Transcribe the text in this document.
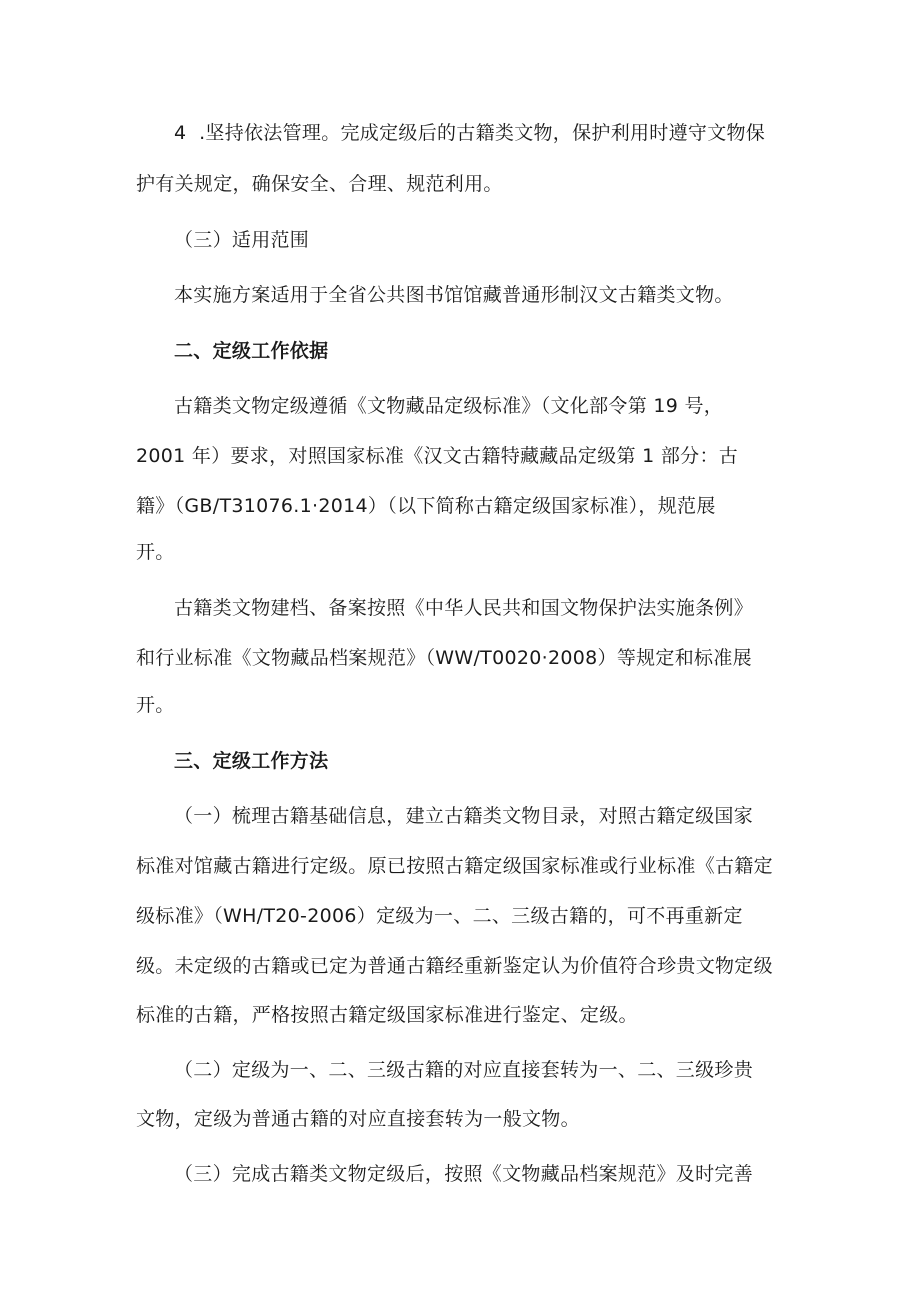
4  .坚持依法管理。完成定级后的古籍类文物，保护利用时遵守文物保
护有关规定，确保安全、合理、规范利用。
（三）适用范围
本实施方案适用于全省公共图书馆馆藏普通形制汉文古籍类文物。
二、定级工作依据
古籍类文物定级遵循《文物藏品定级标准》（文化部令第 19 号，
2001 年）要求，对照国家标准《汉文古籍特藏藏品定级第 1 部分：古
籍》（GB/T31076.1·2014）（以下简称古籍定级国家标准），规范展
开。
古籍类文物建档、备案按照《中华人民共和国文物保护法实施条例》
和行业标准《文物藏品档案规范》（WW/T0020·2008）等规定和标准展
开。
三、定级工作方法
（一）梳理古籍基础信息，建立古籍类文物目录，对照古籍定级国家
标准对馆藏古籍进行定级。原已按照古籍定级国家标准或行业标准《古籍定
级标准》（WH/T20-2006）定级为一、二、三级古籍的，可不再重新定
级。未定级的古籍或已定为普通古籍经重新鉴定认为价值符合珍贵文物定级
标准的古籍，严格按照古籍定级国家标准进行鉴定、定级。
（二）定级为一、二、三级古籍的对应直接套转为一、二、三级珍贵
文物，定级为普通古籍的对应直接套转为一般文物。
（三）完成古籍类文物定级后，按照《文物藏品档案规范》及时完善
